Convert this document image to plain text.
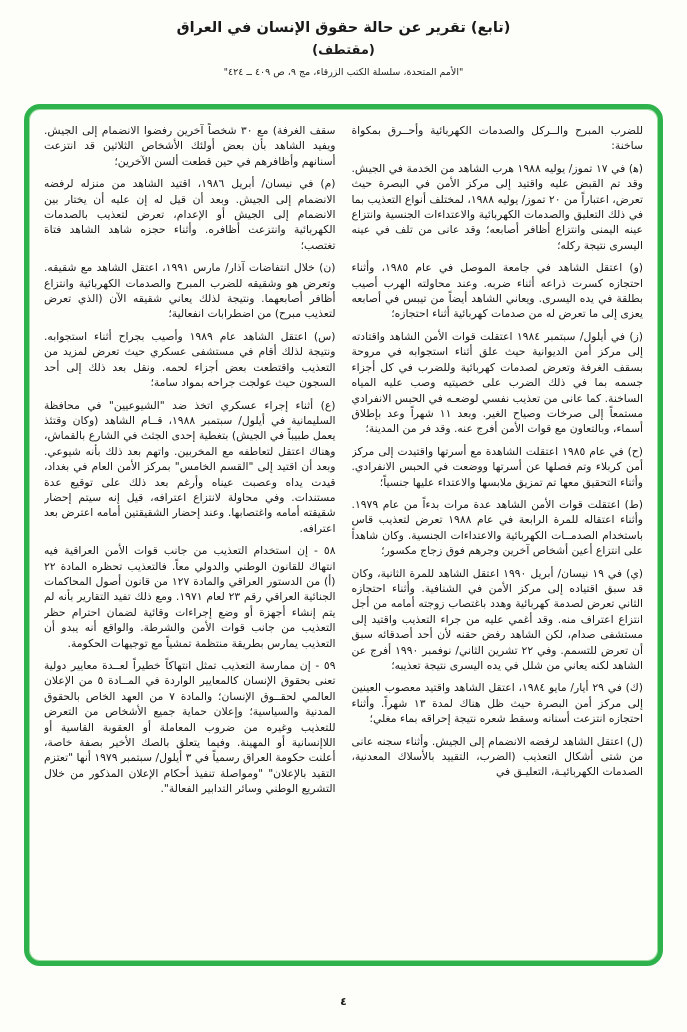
(تابع) تقرير عن حالة حقوق الإنسان في العراق
(مقتطف)
"الأمم المتحدة، سلسلة الكتب الزرقاء، مج ٩، ص ٤٠٩ ــ ٤٢٤"

للضرب المبرح والــركل والصدمات الكهربائية وأحــرق بمكواة ساخنة:

(ﻫ) في ١٧ تموز/ يوليه ١٩٨٨ هرب الشاهد من الخدمة في الجيش. وقد تم القبض عليه واقتيد إلى مركز الأمن في البصرة حيث تعرض، اعتباراً من ٢٠ تموز/ يوليه ١٩٨٨، لمختلف أنواع التعذيب بما في ذلك التعليق والصدمات الكهربائية والاعتداءات الجنسية وانتزاع عينه اليمنى وانتزاع أظافر أصابعه؛ وقد عانى من تلف في عينه اليسرى نتيجة ركله؛

(و) اعتقل الشاهد في جامعة الموصل في عام ١٩٨٥، وأثناء احتجازه كسرت ذراعه أثناء ضربه. وعند محاولته الهرب أصيب بطلقة في يده اليسرى. ويعاني الشاهد أيضاً من تيبس في أصابعه يعزى إلى ما تعرض له من صدمات كهربائية أثناء احتجازه؛

(ز) في أيلول/ سبتمبر ١٩٨٤ اعتقلت قوات الأمن الشاهد واقتادته إلى مركز أمن الديوانية حيث علق أثناء استجوابه في مروحة بسقف الغرفة وتعرض لصدمات كهربائية وللضرب في كل أجزاء جسمه بما في ذلك الضرب على خصيتيه وصب عليه المياه الساخنة. كما عانى من تعذيب نفسي لوضعـه في الحبس الانفرادي مستمعاً إلى صرخات وصياح الغير. وبعد ١١ شهراً وعد بإطلاق أسماء، وبالتعاون مع قوات الأمن أفرج عنه. وقد فر من المدينة؛

(ح) في عام ١٩٨٥ اعتقلت الشاهدة مع أسرتها واقتيدت إلى مركز أمن كربلاء وتم فصلها عن أسرتها ووضعت في الحبس الانفرادي. وأثناء التحقيق معها تم تمزيق ملابسها والاعتداء عليها جنسياً؛

(ط) اعتقلت قوات الأمن الشاهد عدة مرات بدءاً من عام ١٩٧٩. وأثناء اعتقاله للمرة الرابعة في عام ١٩٨٨ تعرض لتعذيب قاس باستخدام الصدمــات الكهربائية والاعتداءات الجنسية. وكان شاهداً على انتزاع أعين أشخاص آخرين وجرهم فوق زجاج مكسور؛

(ي) في ١٩ نيسان/ أبريل ١٩٩٠ اعتقل الشاهد للمرة الثانية، وكان قد سبق اقتياده إلى مركز الأمن في الشنافية. وأثناء احتجازه الثاني تعرض لصدمة كهربائية وهدد باغتصاب زوجته أمامه من أجل انتزاع اعتراف منه. وقد أغمي عليه من جراء التعذيب واقتيد إلى مستشفى صدام، لكن الشاهد رفض حقنه لأن أحد أصدقائه سبق أن تعرض للتسمم. وفي ٢٢ تشرين الثاني/ نوفمبر ١٩٩٠ أفرج عن الشاهد لكنه يعاني من شلل في يده اليسرى نتيجة تعذيبه؛

(ك) في ٢٩ أيار/ مايو ١٩٨٤، اعتقل الشاهد واقتيد معصوب العينين إلى مركز أمن البصرة حيث ظل هناك لمدة ١٣ شهراً. وأثناء احتجازه انتزعت أسنانه وسقط شعره نتيجة إحراقه بماء مغلي؛

(ل) اعتقل الشاهد لرفضه الانضمام إلى الجيش. وأثناء سجنه عانى من شتى أشكال التعذيب (الضرب، التقييد بالأسلاك المعدنية، الصدمات الكهربائيـة، التعليـق في

سقف الغرفة) مع ٣٠ شخصاً آخرين رفضوا الانضمام إلى الجيش. ويفيد الشاهد بأن بعض أولئك الأشخاص الثلاثين قد انتزعت أسنانهم وأظافرهم في حين قطعت ألسن الآخرين؛

(م) في نيسان/ أبريل ١٩٨٦، اقتيد الشاهد من منزله لرفضه الانضمام إلى الجيش. وبعد أن قيل له إن عليه أن يختار بين الانضمام إلى الجيش أو الإعدام، تعرض لتعذيب بالصدمات الكهربائية وانتزعت أظافره. وأثناء حجزه شاهد الشاهد فتاة تغتصب؛

(ن) خلال انتفاضات آذار/ مارس ١٩٩١، اعتقل الشاهد مع شقيقه. وتعرض هو وشقيقه للضرب المبرح والصدمات الكهربائية وانتزاع أظافر أصابعهما. ونتيجة لذلك يعاني شقيقه الآن (الذي تعرض لتعذيب مبرح) من اضطرابات انفعالية؛

(س) اعتقل الشاهد عام ١٩٨٩ وأصيب بجراح أثناء استجوابه. ونتيجة لذلك أقام في مستشفى عسكري حيث تعرض لمزيد من التعذيب واقتطعت بعض أجزاء لحمه. ونقل بعد ذلك إلى أحد السجون حيث عولجت جراحه بمواد سامة؛

(ع) أثناء إجراء عسكري اتخذ ضد "الشيوعيين" في محافظة السليمانية في أيلول/ سبتمبر ١٩٨٨، قــام الشاهد (وكان وقتئذ يعمل طبيباً في الجيش) بتغطية إحدى الجثث في الشارع بالقماش، وهناك اعتقل لتعاطفه مع المخربين. واتهم بعد ذلك بأنه شيوعي. وبعد أن اقتيد إلى "القسم الخامس" بمركز الأمن العام في بغداد، قيدت يداه وعصبت عيناه وأرغم بعد ذلك على توقيع عدة مستندات. وفي محاولة لانتزاع اعترافه، قيل إنه سيتم إحضار شقيقته أمامه واغتصابها. وعند إحضار الشقيقتين أمامه اعترض بعد اعترافه.

٥٨ - إن استخدام التعذيب من جانب قوات الأمن العراقية فيه انتهاك للقانون الوطني والدولي معاً. فالتعذيب تحظره المادة ٢٢ (أ) من الدستور العراقي والمادة ١٢٧ من قانون أصول المحاكمات الجنائية العراقي رقم ٢٣ لعام ١٩٧١. ومع ذلك تفيد التقارير بأنه لم يتم إنشاء أجهزة أو وضع إجراءات وقائية لضمان احترام حظر التعذيب من جانب قوات الأمن والشرطة. والواقع أنه يبدو أن التعذيب يمارس بطريقة منتظمة تمشياً مع توجيهات الحكومة.

٥٩ - إن ممارسة التعذيب تمثل انتهاكاً خطيراً لعــدة معايير دولية تعنى بحقوق الإنسان كالمعايير الواردة في المــادة ٥ من الإعلان العالمي لحقــوق الإنسان؛ والمادة ٧ من العهد الخاص بالحقوق المدنية والسياسية؛ وإعلان حماية جميع الأشخاص من التعرض للتعذيب وغيره من ضروب المعاملة أو العقوبة القاسية أو اللاإنسانية أو المهينة. وفيما يتعلق بالصك الأخير بصفة خاصة، أعلنت حكومة العراق رسمياً في ٣ أيلول/ سبتمبر ١٩٧٩ أنها "تعتزم التقيد بالإعلان" "ومواصلة تنفيذ أحكام الإعلان المذكور من خلال التشريع الوطني وسائر التدابير الفعالة".

٤
